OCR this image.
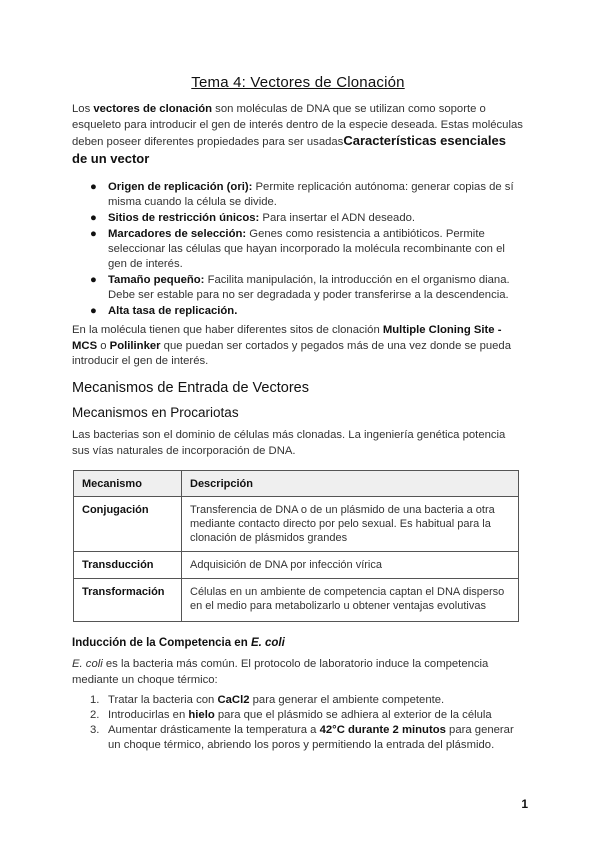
Tema 4: Vectores de Clonación
Los vectores de clonación son moléculas de DNA que se utilizan como soporte o esqueleto para introducir el gen de interés dentro de la especie deseada. Estas moléculas deben poseer diferentes propiedades para ser usadasCaracterísticas esenciales de un vector
● Origen de replicación (ori): Permite replicación autónoma: generar copias de sí misma cuando la célula se divide.
● Sitios de restricción únicos: Para insertar el ADN deseado.
● Marcadores de selección: Genes como resistencia a antibióticos. Permite seleccionar las células que hayan incorporado la molécula recombinante con el gen de interés.
● Tamaño pequeño: Facilita manipulación, la introducción en el organismo diana. Debe ser estable para no ser degradada y poder transferirse a la descendencia.
● Alta tasa de replicación.
En la molécula tienen que haber diferentes sitos de clonación Multiple Cloning Site - MCS o Polilinker que puedan ser cortados y pegados más de una vez donde se pueda introducir el gen de interés.
Mecanismos de Entrada de Vectores
Mecanismos en Procariotas
Las bacterias son el dominio de células más clonadas. La ingeniería genética potencia sus vías naturales de incorporación de DNA.
Mecanismo	Descripción
Conjugación	Transferencia de DNA o de un plásmido de una bacteria a otra mediante contacto directo por pelo sexual. Es habitual para la clonación de plásmidos grandes
Transducción	Adquisición de DNA por infección vírica
Transformación	Células en un ambiente de competencia captan el DNA disperso en el medio para metabolizarlo u obtener ventajas evolutivas
Inducción de la Competencia en E. coli
E. coli es la bacteria más común. El protocolo de laboratorio induce la competencia mediante un choque térmico:
1. Tratar la bacteria con CaCl2 para generar el ambiente competente.
2. Introducirlas en hielo para que el plásmido se adhiera al exterior de la célula
3. Aumentar drásticamente la temperatura a 42°C durante 2 minutos para generar un choque térmico, abriendo los poros y permitiendo la entrada del plásmido.
1
